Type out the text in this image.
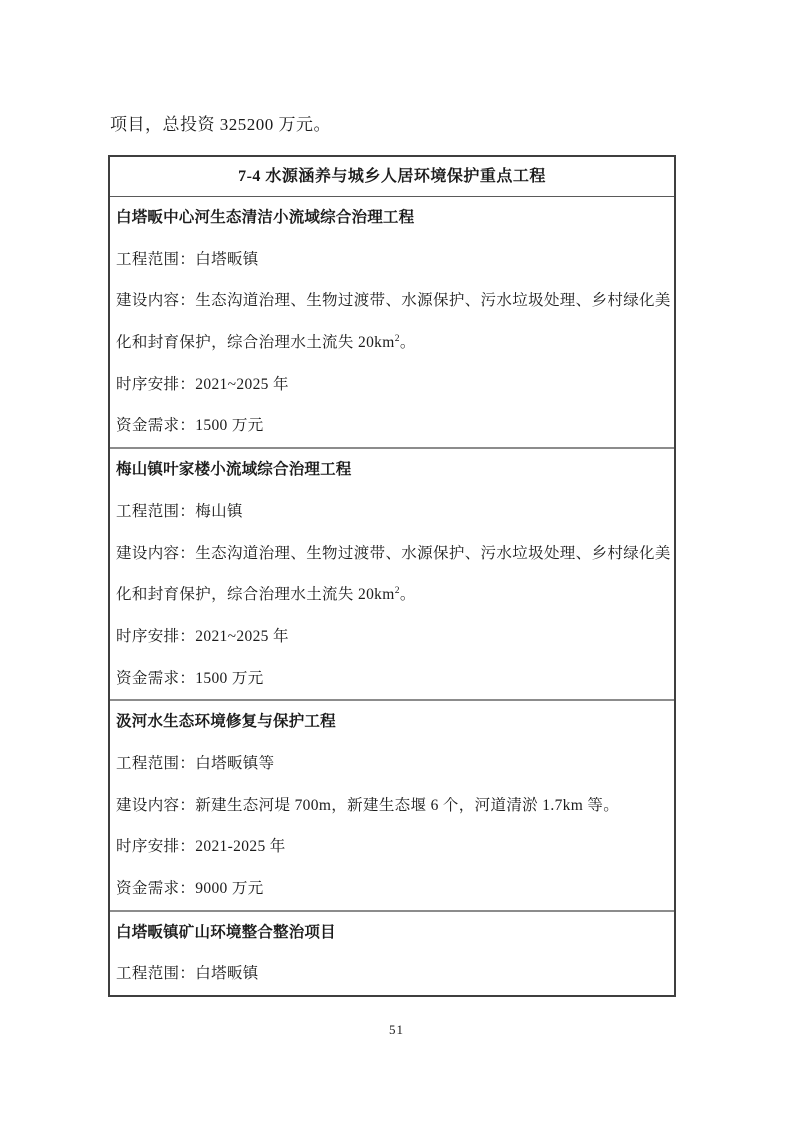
项目，总投资 325200 万元。

7-4 水源涵养与城乡人居环境保护重点工程
白塔畈中心河生态清洁小流域综合治理工程
工程范围：白塔畈镇
建设内容：生态沟道治理、生物过渡带、水源保护、污水垃圾处理、乡村绿化美
化和封育保护，综合治理水土流失 $20km^2$。
时序安排：2021~2025 年
资金需求：1500 万元
梅山镇叶家楼小流域综合治理工程
工程范围：梅山镇
建设内容：生态沟道治理、生物过渡带、水源保护、污水垃圾处理、乡村绿化美
化和封育保护，综合治理水土流失 $20km^2$。
时序安排：2021~2025 年
资金需求：1500 万元
汲河水生态环境修复与保护工程
工程范围：白塔畈镇等
建设内容：新建生态河堤 700m，新建生态堰 6 个，河道清淤 1.7km 等。
时序安排：2021-2025 年
资金需求：9000 万元
白塔畈镇矿山环境整合整治项目
工程范围：白塔畈镇
51
